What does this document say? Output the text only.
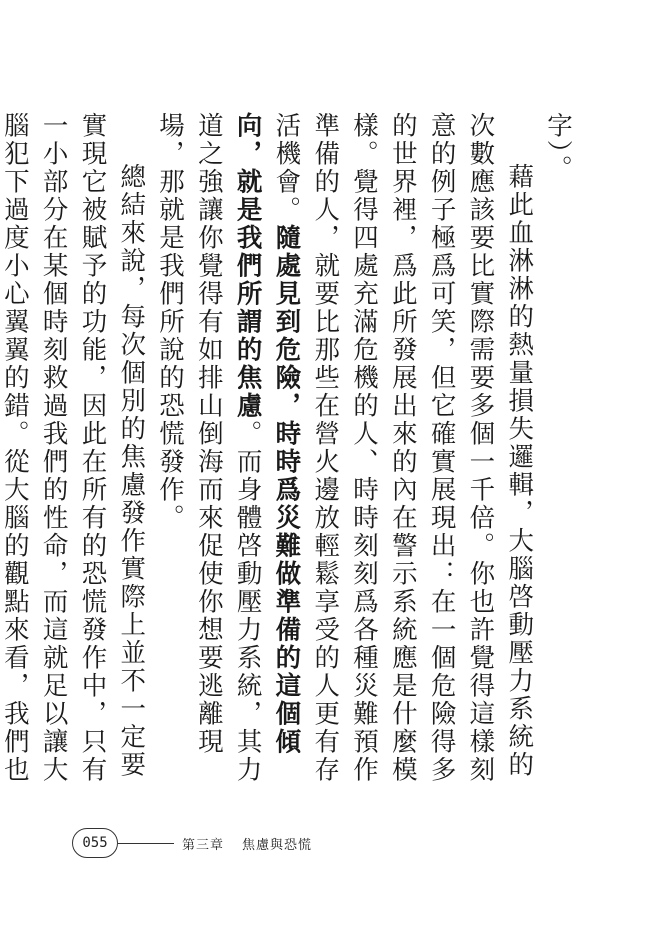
字）。

藉此血淋淋的熱量損失邏輯，大腦啓動壓力系統的次數應該要比實際需要多個一千倍。你也許覺得這樣刻意的例子極爲可笑，但它確實展現出：在一個危險得多的世界裡，爲此所發展出來的內在警示系統應是什麼模樣。覺得四處充滿危機的人、時時刻刻爲各種災難預作準備的人，就要比那些在營火邊放輕鬆享受的人更有存活機會。隨處見到危險，時時爲災難做準備的這個傾向，就是我們所謂的焦慮。而身體啓動壓力系統，其力道之強讓你覺得有如排山倒海而來促使你想要逃離現場，那就是我們所說的恐慌發作。

總結來說，每次個別的焦慮發作實際上並不一定要實現它被賦予的功能，因此在所有的恐慌發作中，只有一小部分在某個時刻救過我們的性命，而這就足以讓大腦犯下過度小心翼翼的錯。從大腦的觀點來看，我們也

055	第三章 焦慮與恐慌
